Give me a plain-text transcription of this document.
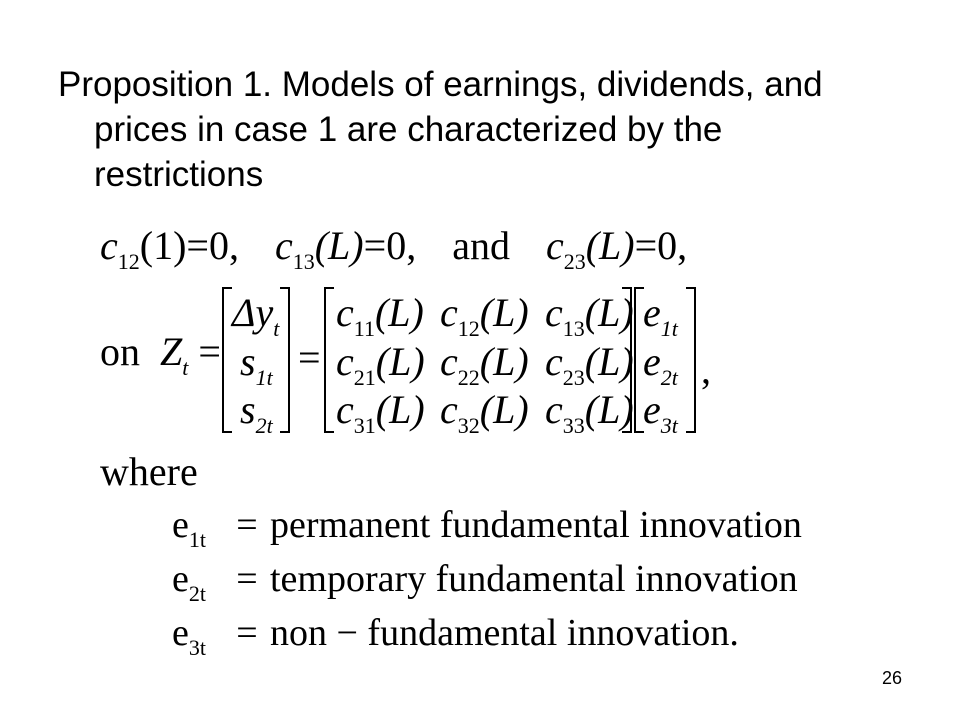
Proposition 1. Models of earnings, dividends, and
prices in case 1 are characterized by the
restrictions
$c_{12}(1)=0$, $c_{13}(L)=0$, and $c_{23}(L)=0$,
on $Z_t$ =
$\Delta y_t$
$s_{1t}$
$s_{2t}$
=
$c_{11}(L)$ $c_{12}(L)$ $c_{13}(L)$
$c_{21}(L)$ $c_{22}(L)$ $c_{23}(L)$
$c_{31}(L)$ $c_{32}(L)$ $c_{33}(L)$
$e_{1t}$
$e_{2t}$
$e_{3t}$
,
where
$e_{1t}$ = permanent fundamental innovation
$e_{2t}$ = temporary fundamental innovation
$e_{3t}$ = non − fundamental innovation.
26
